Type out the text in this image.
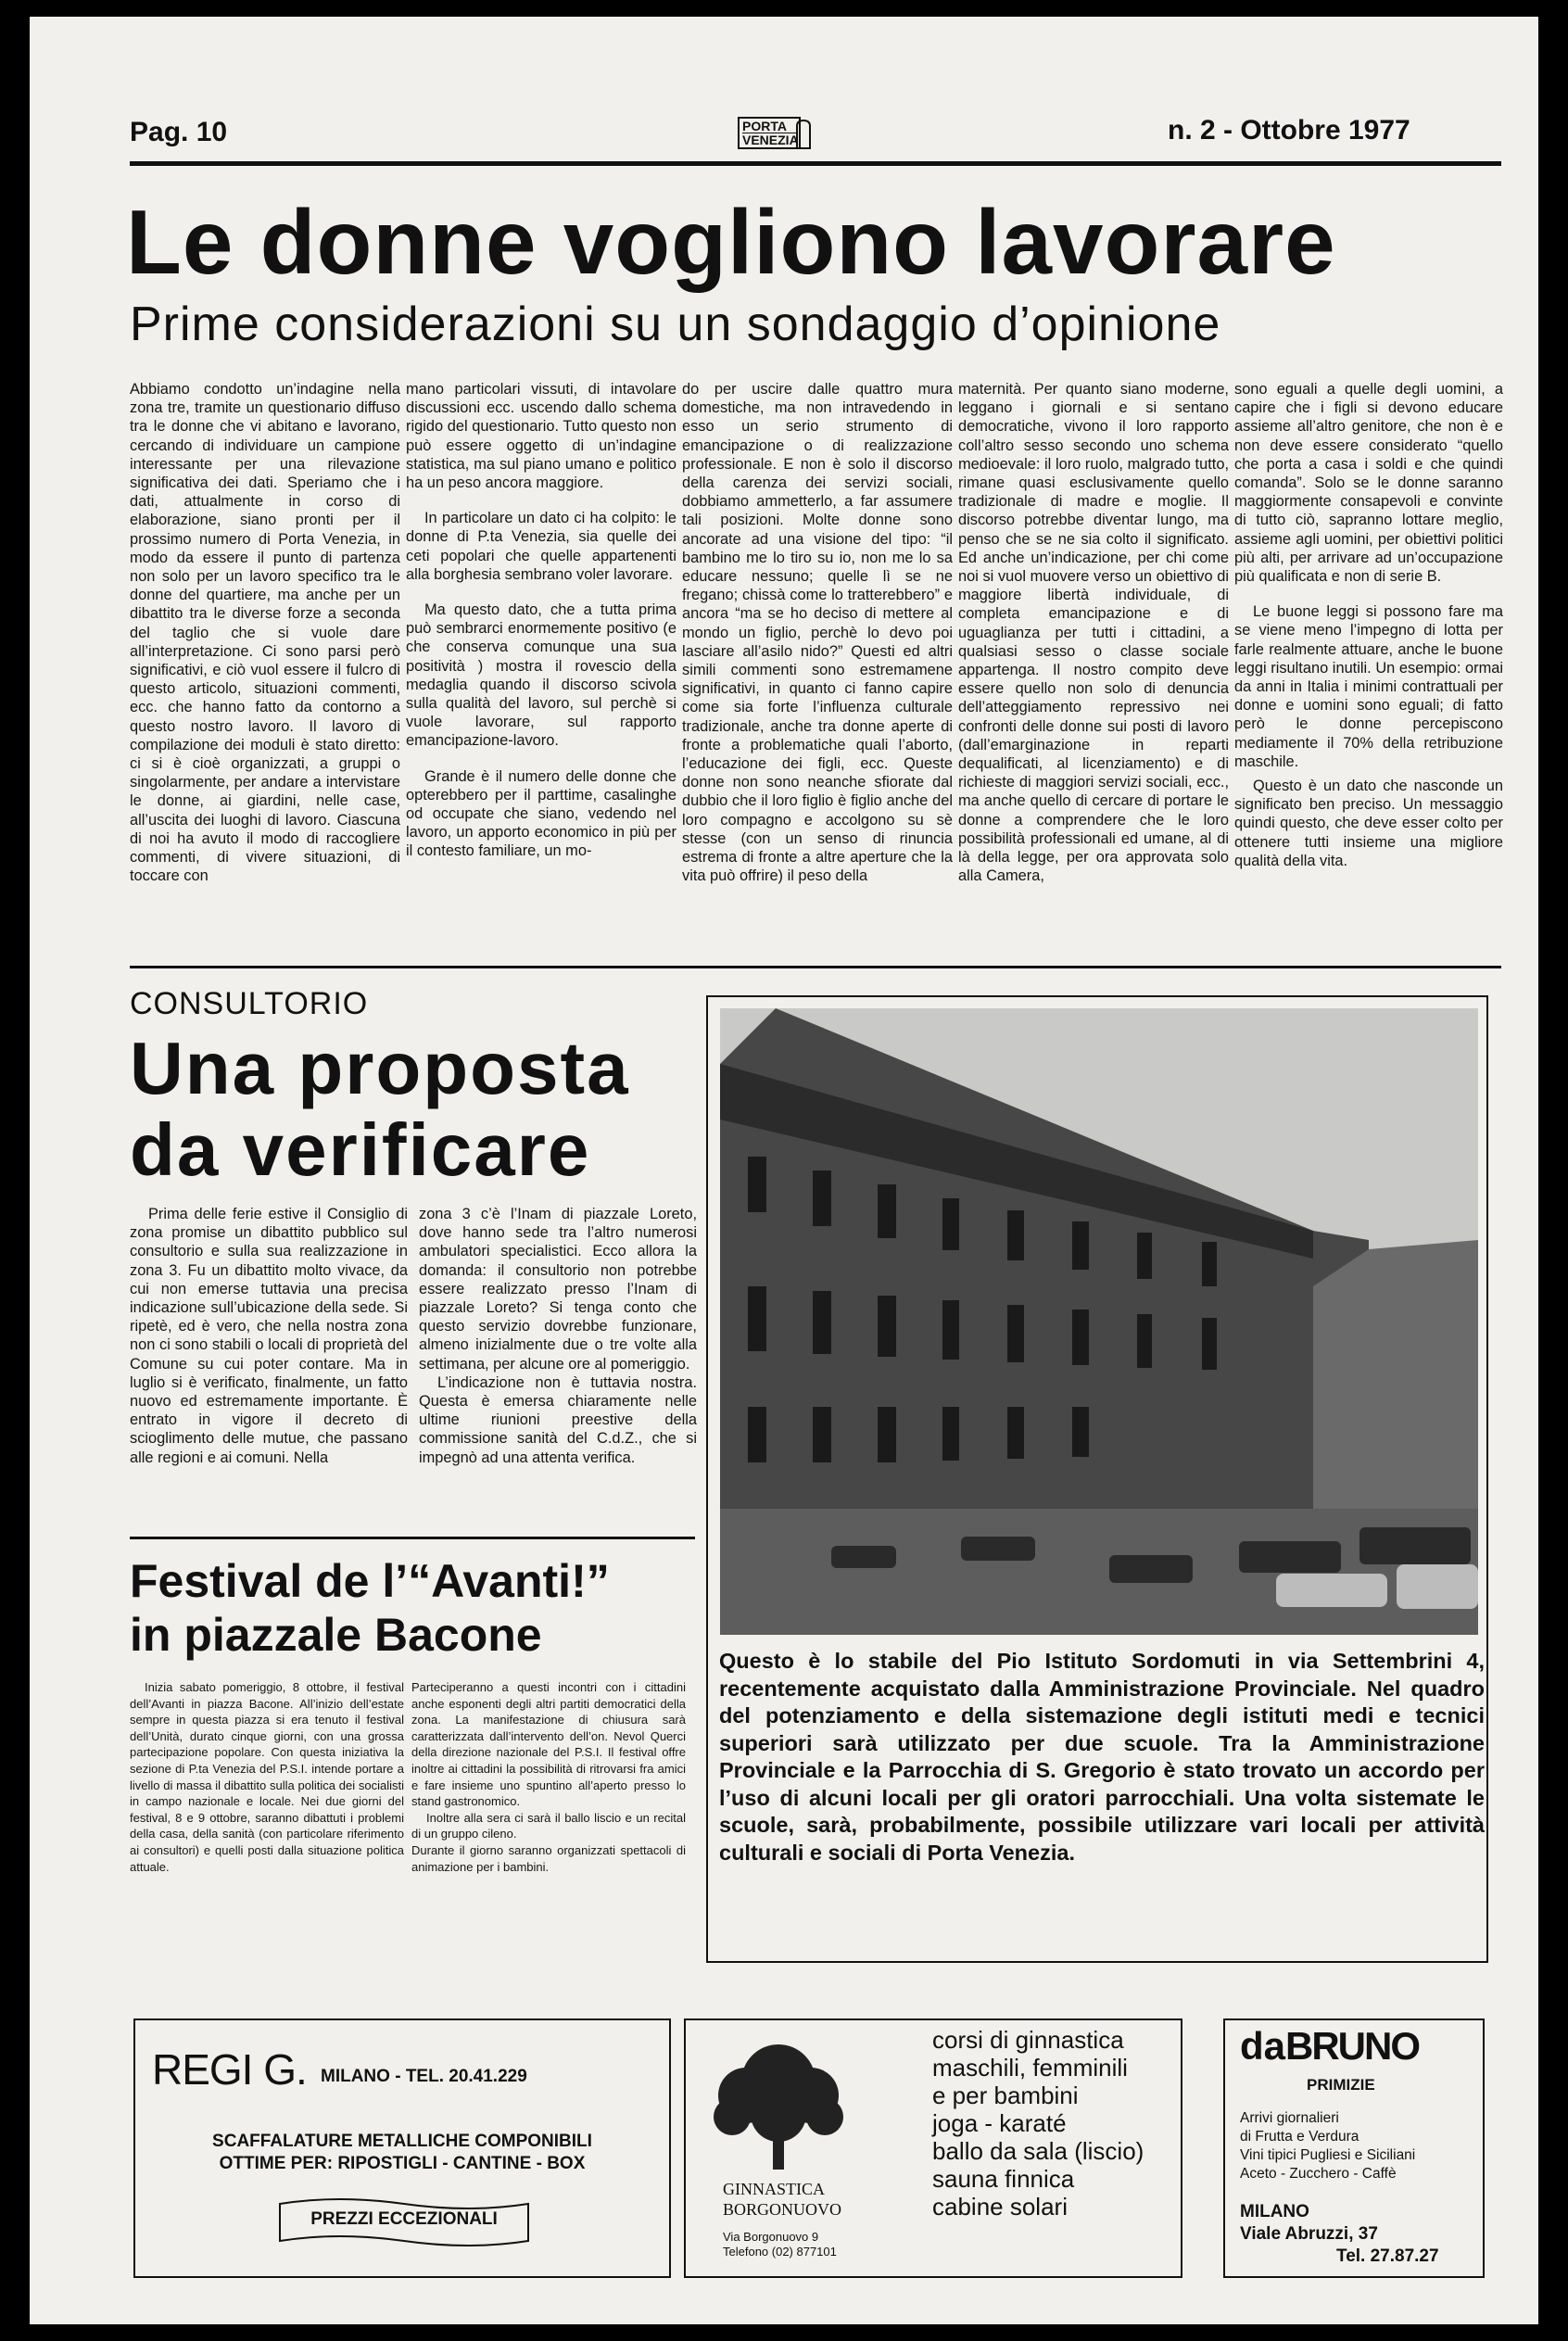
Pag. 10	PORTA
VENEZIA	n. 2 - Ottobre 1977
Le donne vogliono lavorare
Prime considerazioni su un sondaggio d’opinione

Abbiamo condotto un’indagine nella zona tre, tramite un questionario diffuso tra le donne che vi abitano e lavorano, cercando di individuare un campione interessante per una rilevazione significativa dei dati. Speriamo che i dati, attualmente in corso di elaborazione, siano pronti per il prossimo numero di Porta Venezia, in modo da essere il punto di partenza non solo per un lavoro specifico tra le donne del quartiere, ma anche per un dibattito tra le diverse forze a seconda del taglio che si vuole dare all’interpretazione. Ci sono parsi però significativi, e ciò vuol essere il fulcro di questo articolo, situazioni commenti, ecc. che hanno fatto da contorno a questo nostro lavoro. Il lavoro di compilazione dei moduli è stato diretto: ci si è cioè organizzati, a gruppi o singolarmente, per andare a intervistare le donne, ai giardini, nelle case, all’uscita dei luoghi di lavoro. Ciascuna di noi ha avuto il modo di raccogliere commenti, di vivere situazioni, di toccare con

mano particolari vissuti, di intavolare discussioni ecc. uscendo dallo schema rigido del questionario. Tutto questo non può essere oggetto di un’indagine statistica, ma sul piano umano e politico ha un peso ancora maggiore.

In particolare un dato ci ha colpito: le donne di P.ta Venezia, sia quelle dei ceti popolari che quelle appartenenti alla borghesia sembrano voler lavorare.

Ma questo dato, che a tutta prima può sembrarci enormemente positivo (e che conserva comunque una sua positività ) mostra il rovescio della medaglia quando il discorso scivola sulla qualità del lavoro, sul perchè si vuole lavorare, sul rapporto emancipazione-lavoro.

Grande è il numero delle donne che opterebbero per il parttime, casalinghe od occupate che siano, vedendo nel lavoro, un apporto economico in più per il contesto familiare, un mo-

do per uscire dalle quattro mura domestiche, ma non intravedendo in esso un serio strumento di emancipazione o di realizzazione professionale. E non è solo il discorso della carenza dei servizi sociali, dobbiamo ammetterlo, a far assumere tali posizioni. Molte donne sono ancorate ad una visione del tipo: “il bambino me lo tiro su io, non me lo sa educare nessuno; quelle lì se ne fregano; chissà come lo tratterebbero” e ancora “ma se ho deciso di mettere al mondo un figlio, perchè lo devo poi lasciare all’asilo nido?” Questi ed altri simili commenti sono estremamene significativi, in quanto ci fanno capire come sia forte l’influenza culturale tradizionale, anche tra donne aperte di fronte a problematiche quali l’aborto, l’educazione dei figli, ecc. Queste donne non sono neanche sfiorate dal dubbio che il loro figlio è figlio anche del loro compagno e accolgono su sè stesse (con un senso di rinuncia estrema di fronte a altre aperture che la vita può offrire) il peso della

maternità. Per quanto siano moderne, leggano i giornali e si sentano democratiche, vivono il loro rapporto coll’altro sesso secondo uno schema medioevale: il loro ruolo, malgrado tutto, rimane quasi esclusivamente quello tradizionale di madre e moglie. Il discorso potrebbe diventar lungo, ma penso che se ne sia colto il significato. Ed anche un’indicazione, per chi come noi si vuol muovere verso un obiettivo di maggiore libertà individuale, di completa emancipazione e di uguaglianza per tutti i cittadini, a qualsiasi sesso o classe sociale appartenga. Il nostro compito deve essere quello non solo di denuncia dell’atteggiamento repressivo nei confronti delle donne sui posti di lavoro (dall’emarginazione in reparti dequalificati, al licenziamento) e di richieste di maggiori servizi sociali, ecc., ma anche quello di cercare di portare le donne a comprendere che le loro possibilità professionali ed umane, al di là della legge, per ora approvata solo alla Camera,

sono eguali a quelle degli uomini, a capire che i figli si devono educare assieme all’altro genitore, che non è e non deve essere considerato “quello che porta a casa i soldi e che quindi comanda”. Solo se le donne saranno maggiormente consapevoli e convinte di tutto ciò, sapranno lottare meglio, assieme agli uomini, per obiettivi politici più alti, per arrivare ad un’occupazione più qualificata e non di serie B.

Le buone leggi si possono fare ma se viene meno l’impegno di lotta per farle realmente attuare, anche le buone leggi risultano inutili. Un esempio: ormai da anni in Italia i minimi contrattuali per donne e uomini sono eguali; di fatto però le donne percepiscono mediamente il 70% della retribuzione maschile.

Questo è un dato che nasconde un significato ben preciso. Un messaggio quindi questo, che deve esser colto per ottenere tutti insieme una migliore qualità della vita.

CONSULTORIO
Una proposta
da verificare

Prima delle ferie estive il Consiglio di zona promise un dibattito pubblico sul consultorio e sulla sua realizzazione in zona 3. Fu un dibattito molto vivace, da cui non emerse tuttavia una precisa indicazione sull’ubicazione della sede. Si ripetè, ed è vero, che nella nostra zona non ci sono stabili o locali di proprietà del Comune su cui poter contare. Ma in luglio si è verificato, finalmente, un fatto nuovo ed estremamente importante. È entrato in vigore il decreto di scioglimento delle mutue, che passano alle regioni e ai comuni. Nella

zona 3 c’è l’Inam di piazzale Loreto, dove hanno sede tra l’altro numerosi ambulatori specialistici. Ecco allora la domanda: il consultorio non potrebbe essere realizzato presso l’Inam di piazzale Loreto? Si tenga conto che questo servizio dovrebbe funzionare, almeno inizialmente due o tre volte alla settimana, per alcune ore al pomeriggio.

L’indicazione non è tuttavia nostra. Questa è emersa chiaramente nelle ultime riunioni preestive della commissione sanità del C.d.Z., che si impegnò ad una attenta verifica.

Festival de l’“Avanti!”
in piazzale Bacone

Inizia sabato pomeriggio, 8 ottobre, il festival dell’Avanti in piazza Bacone. All’inizio dell’estate sempre in questa piazza si era tenuto il festival dell’Unità, durato cinque giorni, con una grossa partecipazione popolare. Con questa iniziativa la sezione di P.ta Venezia del P.S.I. intende portare a livello di massa il dibattito sulla politica dei socialisti in campo nazionale e locale. Nei due giorni del festival, 8 e 9 ottobre, saranno dibattuti i problemi della casa, della sanità (con particolare riferimento ai consultori) e quelli posti dalla situazione politica attuale.

Parteciperanno a questi incontri con i cittadini anche esponenti degli altri partiti democratici della zona. La manifestazione di chiusura sarà caratterizzata dall’intervento dell’on. Nevol Querci della direzione nazionale del P.S.I. Il festival offre inoltre ai cittadini la possibilità di ritrovarsi fra amici e fare insieme uno spuntino all’aperto presso lo stand gastronomico.

Inoltre alla sera ci sarà il ballo liscio e un recital di un gruppo cileno.

Durante il giorno saranno organizzati spettacoli di animazione per i bambini.

Questo è lo stabile del Pio Istituto Sordomuti in via Settembrini 4, recentemente acquistato dalla Amministrazione Provinciale. Nel quadro del potenziamento e della sistemazione degli istituti medi e tecnici superiori sarà utilizzato per due scuole. Tra la Amministrazione Provinciale e la Parrocchia di S. Gregorio è stato trovato un accordo per l’uso di alcuni locali per gli oratori parrocchiali. Una volta sistemate le scuole, sarà, probabilmente, possibile utilizzare vari locali per attività culturali e sociali di Porta Venezia.
REGI G. MILANO - TEL. 20.41.229
SCAFFALATURE METALLICHE COMPONIBILI
OTTIME PER: RIPOSTIGLI - CANTINE - BOX
PREZZI ECCEZIONALI
GINNASTICA
BORGONUOVO
Via Borgonuovo 9
Telefono (02) 877101
corsi di ginnastica
maschili, femminili
e per bambini
joga - karaté
ballo da sala (liscio)
sauna finnica
cabine solari
daBRUNO
PRIMIZIE
Arrivi giornalieri
di Frutta e Verdura
Vini tipici Pugliesi e Siciliani
Aceto - Zucchero - Caffè
MILANO
Viale Abruzzi, 37
Tel. 27.87.27
